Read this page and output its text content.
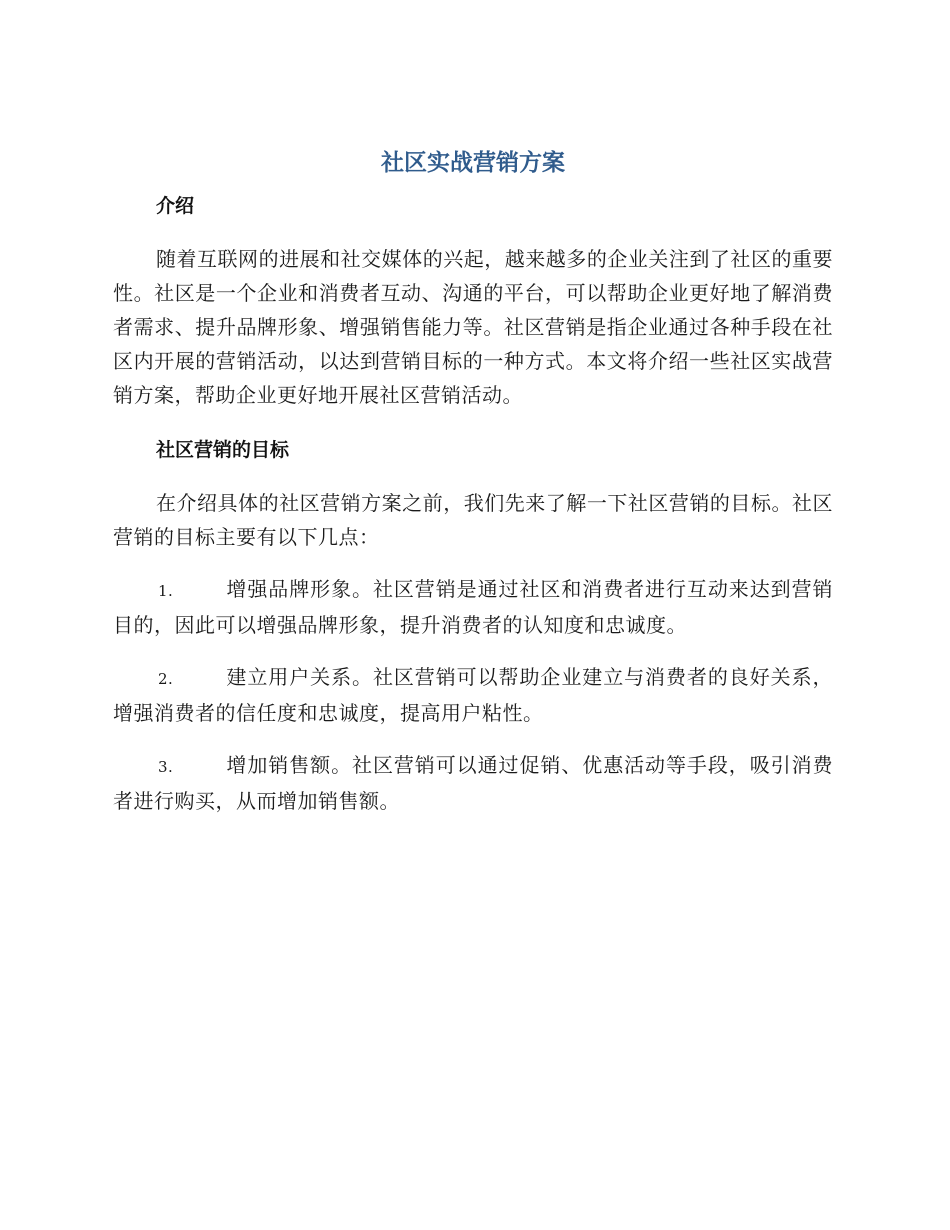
社区实战营销方案
介绍

随着互联网的进展和社交媒体的兴起，越来越多的企业关注到了社区的重要性。社区是一个企业和消费者互动、沟通的平台，可以帮助企业更好地了解消费者需求、提升品牌形象、增强销售能力等。社区营销是指企业通过各种手段在社区内开展的营销活动，以达到营销目标的一种方式。本文将介绍一些社区实战营销方案，帮助企业更好地开展社区营销活动。

社区营销的目标

在介绍具体的社区营销方案之前，我们先来了解一下社区营销的目标。社区营销的目标主要有以下几点：

1.	增强品牌形象。社区营销是通过社区和消费者进行互动来达到营销目的，因此可以增强品牌形象，提升消费者的认知度和忠诚度。

2.	建立用户关系。社区营销可以帮助企业建立与消费者的良好关系，增强消费者的信任度和忠诚度，提高用户粘性。

3.	增加销售额。社区营销可以通过促销、优惠活动等手段，吸引消费者进行购买，从而增加销售额。
